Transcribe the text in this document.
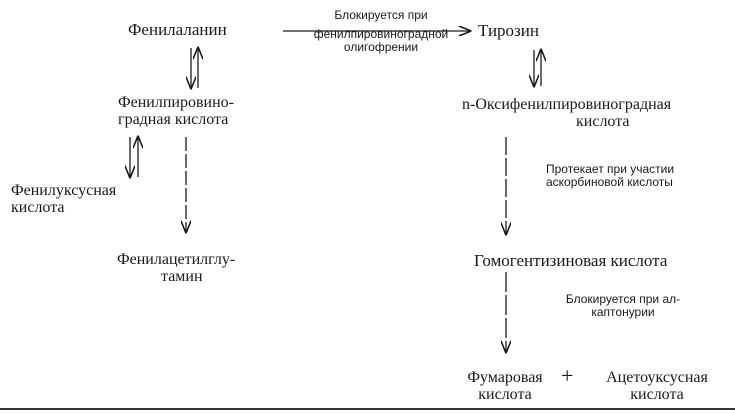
Фенилаланин	Тирозин
Блокируется при
фенилпировиноградной
олигофрении
Фенилпировино-
градная кислота
n-Оксифенилпировиноградная
кислота
Фенилуксусная
кислота
Протекает при участии
аскорбиновой кислоты
Фенилацетилглу-
тамин
Гомогентизиновая кислота
Блокируется при ал-
каптонурии
Фумаровая
кислота
+	Ацетоуксусная
кислота
